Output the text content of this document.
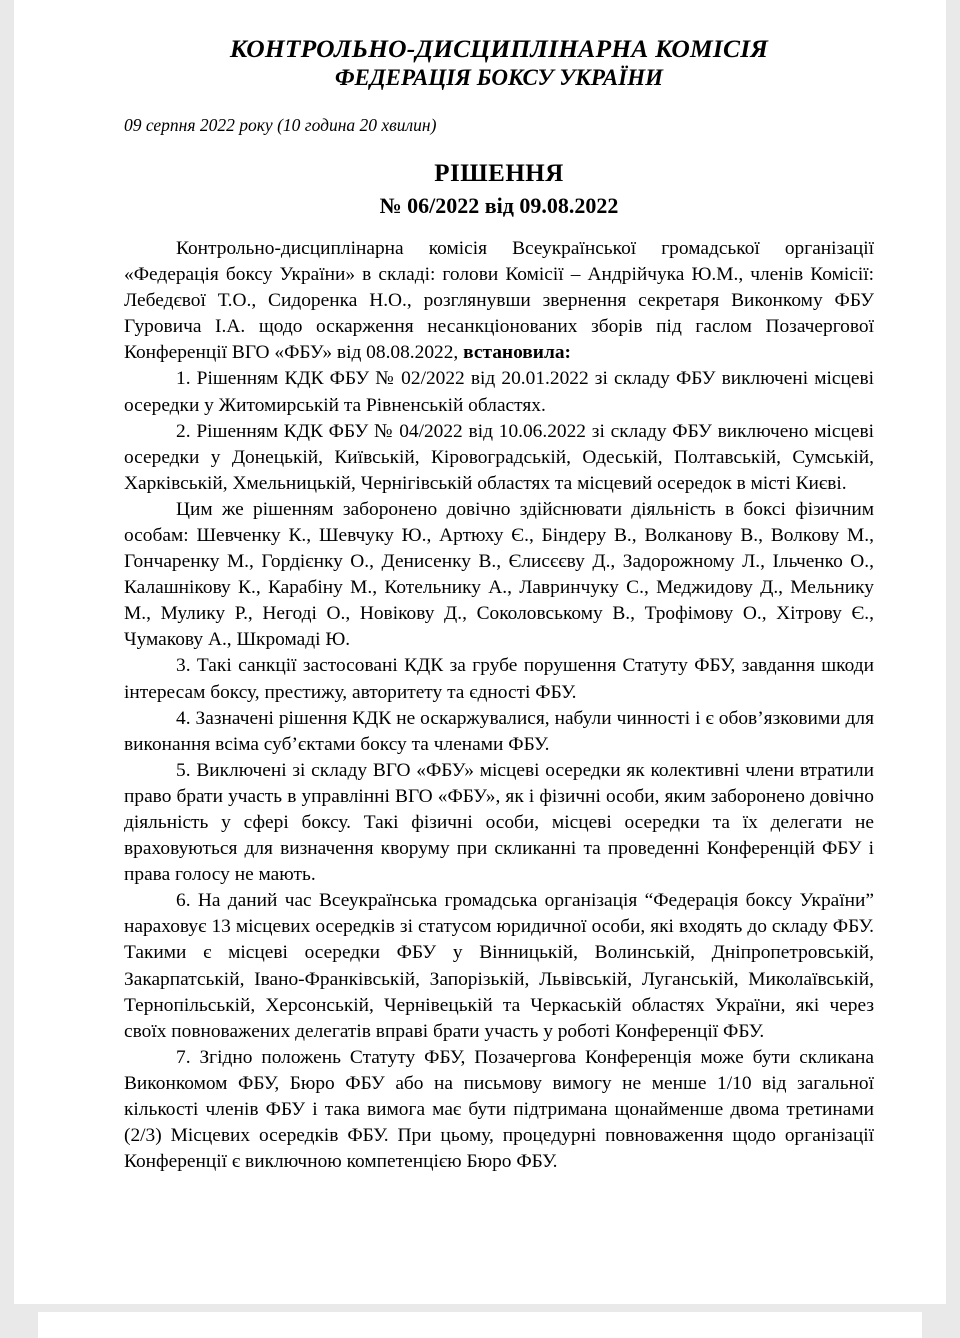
КОНТРОЛЬНО-ДИСЦИПЛІНАРНА КОМІСІЯ
ФЕДЕРАЦІЯ БОКСУ УКРАЇНИ
09 серпня 2022 року (10 година 20 хвилин)
РІШЕННЯ
№ 06/2022 від 09.08.2022

Контрольно-дисциплінарна комісія Всеукраїнської громадської організації «Федерація боксу України» в складі: голови Комісії – Андрійчука Ю.М., членів Комісії: Лебедєвої Т.О., Сидоренка Н.О., розглянувши звернення секретаря Виконкому ФБУ Гуровича І.А. щодо оскарження несанкціонованих зборів під гаслом Позачергової Конференції ВГО «ФБУ» від 08.08.2022, встановила:

1. Рішенням КДК ФБУ № 02/2022 від 20.01.2022 зі складу ФБУ виключені місцеві осередки у Житомирській та Рівненській областях.

2. Рішенням КДК ФБУ № 04/2022 від 10.06.2022 зі складу ФБУ виключено місцеві осередки у Донецькій, Київській, Кіровоградській, Одеській, Полтавській, Сумській, Харківській, Хмельницькій, Чернігівській областях та місцевий осередок в місті Києві.

Цим же рішенням заборонено довічно здійснювати діяльність в боксі фізичним особам: Шевченку К., Шевчуку Ю., Артюху Є., Біндеру В., Волканову В., Волкову М., Гончаренку М., Гордієнку О., Денисенку В., Єлисєєву Д., Задорожному Л., Ільченко О., Калашнікову К., Карабіну М., Котельнику А., Лавринчуку С., Меджидову Д., Мельнику М., Мулику Р., Негоді О., Новікову Д., Соколовському В., Трофімову О., Хітрову Є., Чумакову А., Шкромаді Ю.

3. Такі санкції застосовані КДК за грубе порушення Статуту ФБУ, завдання шкоди інтересам боксу, престижу, авторитету та єдності ФБУ.

4. Зазначені рішення КДК не оскаржувалися, набули чинності і є обов’язковими для виконання всіма суб’єктами боксу та членами ФБУ.

5. Виключені зі складу ВГО «ФБУ» місцеві осередки як колективні члени втратили право брати участь в управлінні ВГО «ФБУ», як і фізичні особи, яким заборонено довічно діяльність у сфері боксу. Такі фізичні особи, місцеві осередки та їх делегати не враховуються для визначення кворуму при скликанні та проведенні Конференцій ФБУ і права голосу не мають.

6. На даний час Всеукраїнська громадська організація “Федерація боксу України” нараховує 13 місцевих осередків зі статусом юридичної особи, які входять до складу ФБУ. Такими є місцеві осередки ФБУ у Вінницькій, Волинській, Дніпропетровській, Закарпатській, Івано-Франківській, Запорізькій, Львівській, Луганській, Миколаївській, Тернопільській, Херсонській, Чернівецькій та Черкаській областях України, які через своїх повноважених делегатів вправі брати участь у роботі Конференції ФБУ.

7. Згідно положень Статуту ФБУ, Позачергова Конференція може бути скликана Виконкомом ФБУ, Бюро ФБУ або на письмову вимогу не менше 1/10 від загальної кількості членів ФБУ і така вимога має бути підтримана щонайменше двома третинами (2/3) Місцевих осередків ФБУ. При цьому, процедурні повноваження щодо організації Конференції є виключною компетенцією Бюро ФБУ.
